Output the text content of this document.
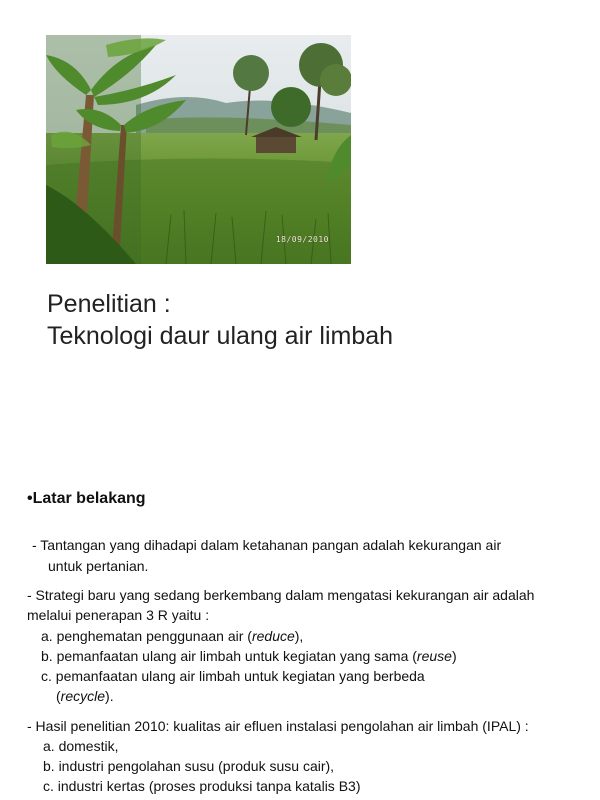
18/09/2010
Penelitian :
Teknologi daur ulang air limbah
•Latar belakang
- Tantangan yang dihadapi dalam ketahanan pangan adalah kekurangan air
untuk pertanian.
- Strategi baru yang sedang berkembang dalam mengatasi kekurangan air adalah
melalui penerapan 3 R yaitu :
a. penghematan penggunaan air (reduce),
b. pemanfaatan ulang air limbah untuk kegiatan yang sama (reuse)
c. pemanfaatan ulang air limbah untuk kegiatan yang berbeda
(recycle).
- Hasil penelitian 2010: kualitas air efluen instalasi pengolahan air limbah (IPAL) :
a. domestik,
b. industri pengolahan susu (produk susu cair),
c. industri kertas (proses produksi tanpa katalis B3)
